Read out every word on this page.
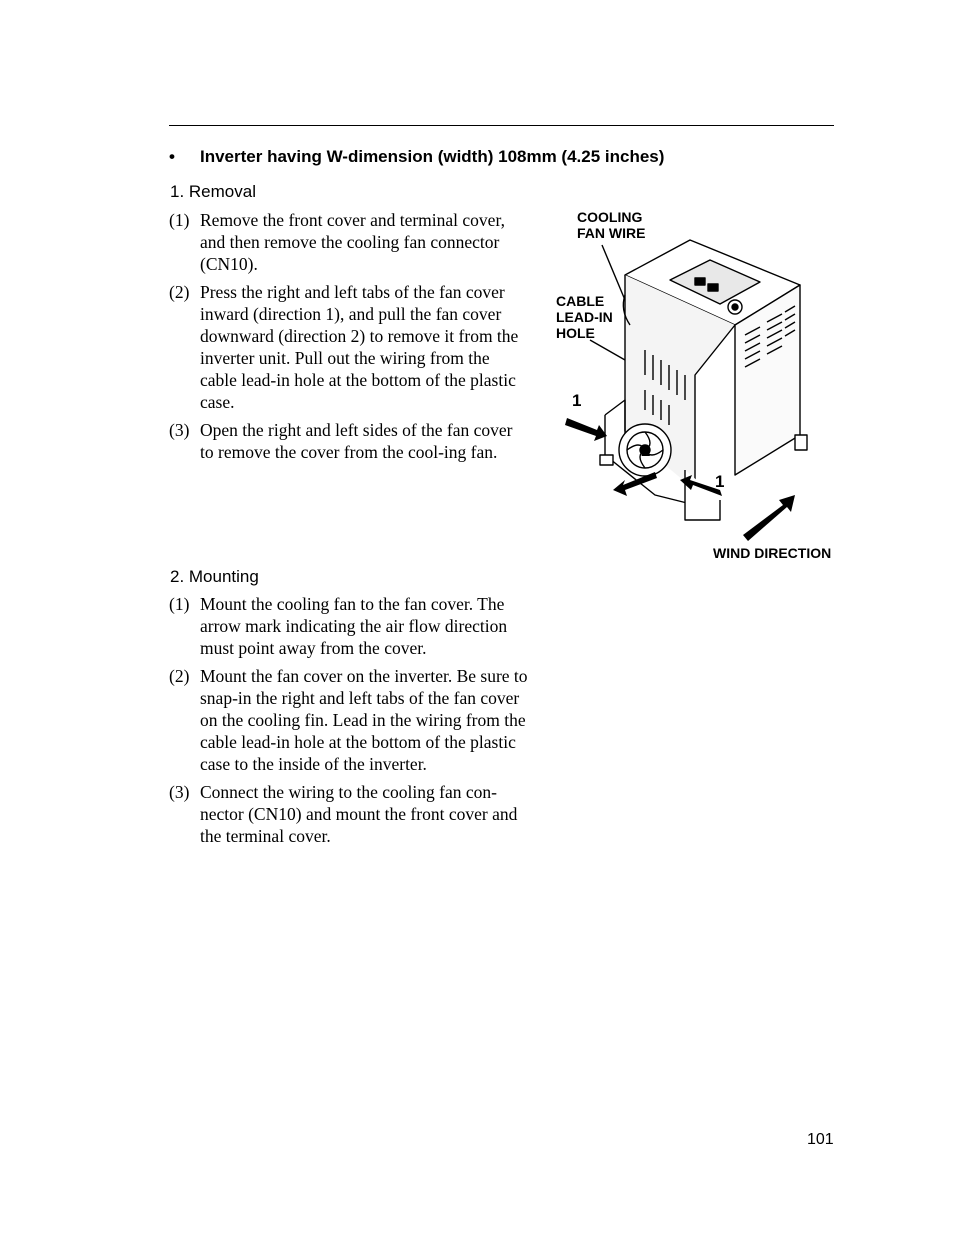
• Inverter having W-dimension (width) 108mm (4.25 inches)
1. Removal
(1) Remove the front cover and terminal cover, and then remove the cooling fan connector (CN10).
(2) Press the right and left tabs of the fan cover inward (direction 1), and pull the fan cover downward (direction 2) to remove it from the inverter unit. Pull out the wiring from the cable lead-in hole at the bottom of the plastic case.
(3) Open the right and left sides of the fan cover to remove the cover from the cool-ing fan.
COOLING
FAN WIRE
CABLE
LEAD-IN
HOLE
1
2
1
WIND DIRECTION
2. Mounting
(1) Mount the cooling fan to the fan cover. The arrow mark indicating the air flow direction must point away from the cover.
(2) Mount the fan cover on the inverter. Be sure to snap-in the right and left tabs of the fan cover on the cooling fin. Lead in the wiring from the cable lead-in hole at the bottom of the plastic case to the inside of the inverter.
(3) Connect the wiring to the cooling fan con-nector (CN10) and mount the front cover and the terminal cover.
101
